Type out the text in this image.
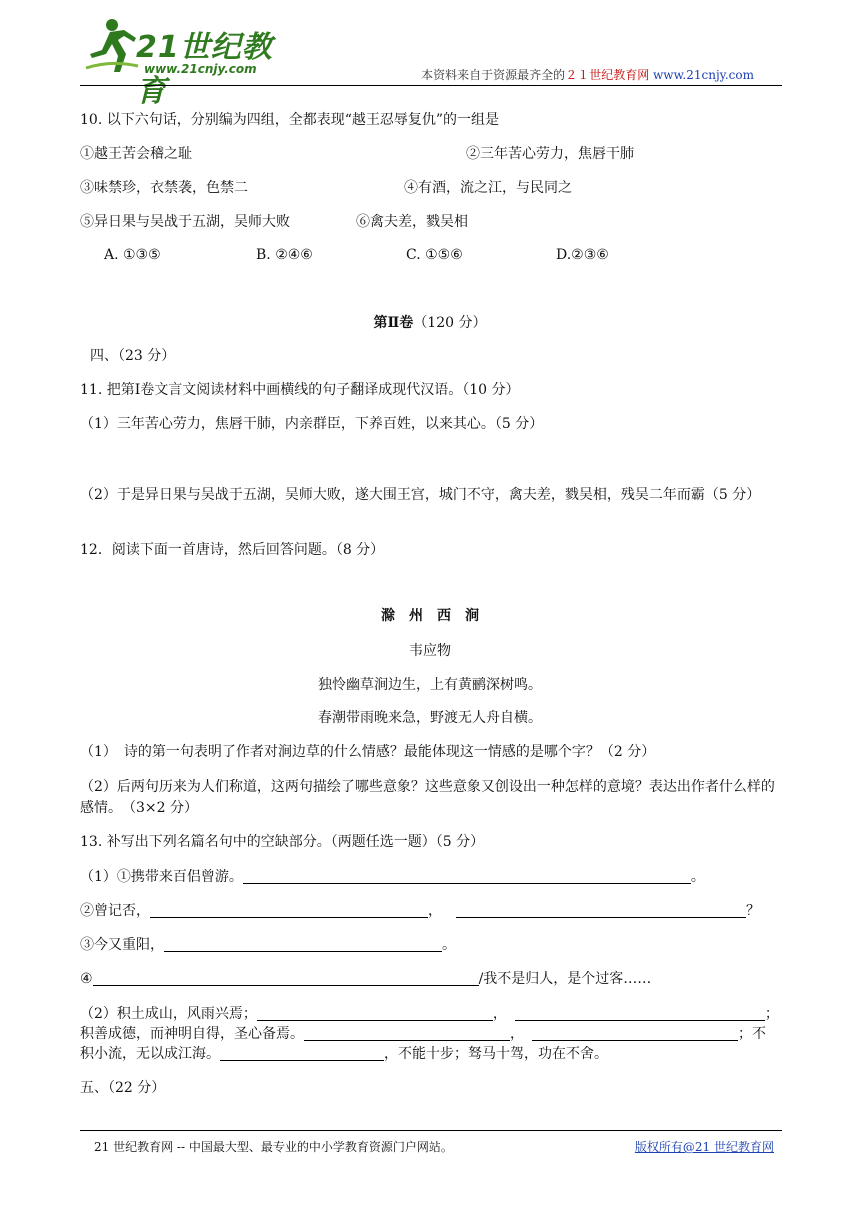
21世纪教育
www.21cnjy.com	本资料来自于资源最齐全的２１世纪教育网 www.21cnjy.com
10. 以下六句话，分别编为四组，全都表现“越王忍辱复仇”的一组是
①越王苦会稽之耻	②三年苦心劳力，焦唇干肺
③味禁珍，衣禁袭，色禁二	④有酒，流之江，与民同之
⑤异日果与吴战于五湖，吴师大败	⑥禽夫差，戮吴相
A. ①③⑤	B. ②④⑥	C. ①⑤⑥	D.②③⑥
第Ⅱ卷（120 分）
四、（23 分）
11. 把第Ⅰ卷文言文阅读材料中画横线的句子翻译成现代汉语。（10 分）
（1）三年苦心劳力，焦唇干肺，内亲群臣，下养百姓，以来其心。（5 分）
（2）于是异日果与吴战于五湖，吴师大败，遂大围王宫，城门不守，禽夫差，戮吴相，残吴二年而霸（5 分）
12．阅读下面一首唐诗，然后回答问题。（8 分）
滁　州　西　涧
韦应物
独怜幽草涧边生，上有黄鹂深树鸣。
春潮带雨晚来急，野渡无人舟自横。
（1）　诗的第一句表明了作者对涧边草的什么情感？最能体现这一情感的是哪个字？（2 分）
（2）后两句历来为人们称道，这两句描绘了哪些意象？这些意象又创设出一种怎样的意境？表达出作者什么样的感情。　（3×2 分）
13. 补写出下列名篇名句中的空缺部分。（两题任选一题）（5 分）
（1）①携带来百侣曾游。	。
②曾记否，	，	？
③今又重阳，	。
④	/我不是归人，是个过客……
（2）积土成山，风雨兴焉；	，	；
积善成德，而神明自得，圣心备焉。	，	；不
积小流，无以成江海。	，不能十步；驽马十驾，功在不舍。
五、（22 分）
21 世纪教育网 -- 中国最大型、最专业的中小学教育资源门户网站。	版权所有@21 世纪教育网
